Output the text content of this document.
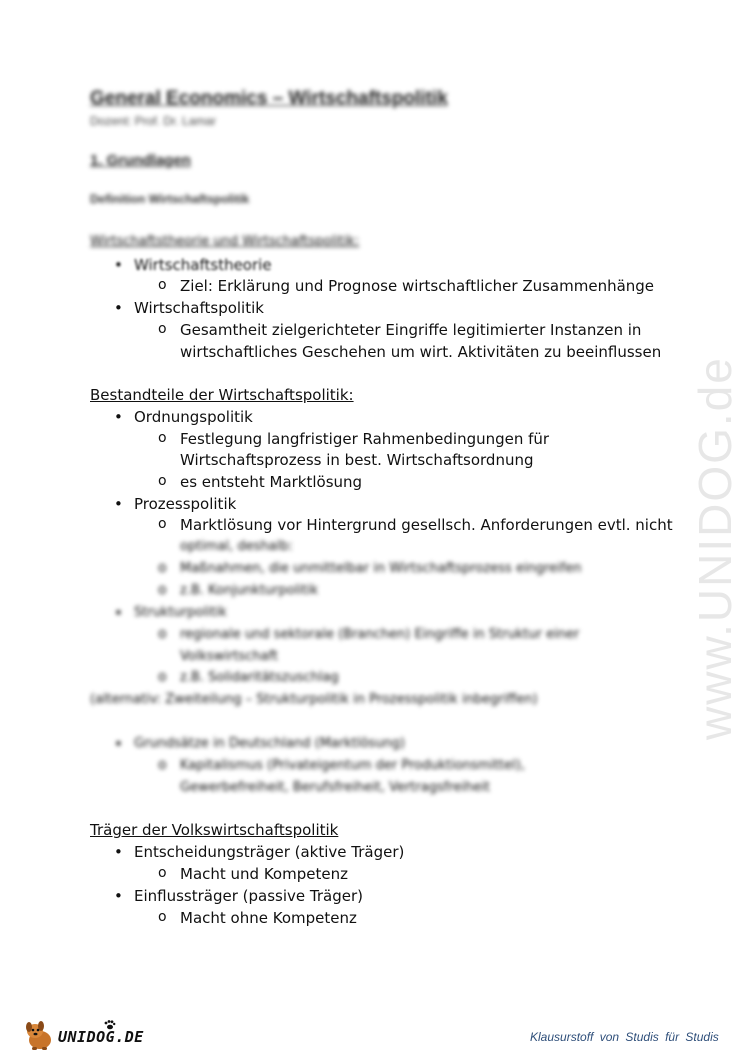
General Economics – Wirtschaftspolitik
Dozent: Prof. Dr. Lamar
1. Grundlagen
Definition Wirtschaftspolitik
Wirtschaftstheorie und Wirtschaftspolitik:
• Wirtschaftstheorie
o Ziel: Erklärung und Prognose wirtschaftlicher Zusammenhänge
• Wirtschaftspolitik
o Gesamtheit zielgerichteter Eingriffe legitimierter Instanzen in
wirtschaftliches Geschehen um wirt. Aktivitäten zu beeinflussen
Bestandteile der Wirtschaftspolitik:
• Ordnungspolitik
o Festlegung langfristiger Rahmenbedingungen für
Wirtschaftsprozess in best. Wirtschaftsordnung
o es entsteht Marktlösung
• Prozesspolitik
o Marktlösung vor Hintergrund gesellsch. Anforderungen evtl. nicht
optimal, deshalb:
o Maßnahmen, die unmittelbar in Wirtschaftsprozess eingreifen
o z.B. Konjunkturpolitik
• Strukturpolitik
o regionale und sektorale (Branchen) Eingriffe in Struktur einer
Volkswirtschaft
o z.B. Solidaritätszuschlag
(alternativ: Zweiteilung – Strukturpolitik in Prozesspolitik inbegriffen)
• Grundsätze in Deutschland (Marktlösung)
o Kapitalismus (Privateigentum der Produktionsmittel),
Gewerbefreiheit, Berufsfreiheit, Vertragsfreiheit
Träger der Volkswirtschaftspolitik
• Entscheidungsträger (aktive Träger)
o Macht und Kompetenz
• Einflussträger (passive Träger)
o Macht ohne Kompetenz
www.UNIDOG.de
UNIDOG.DE	Klausurstoff von Studis für Studis
